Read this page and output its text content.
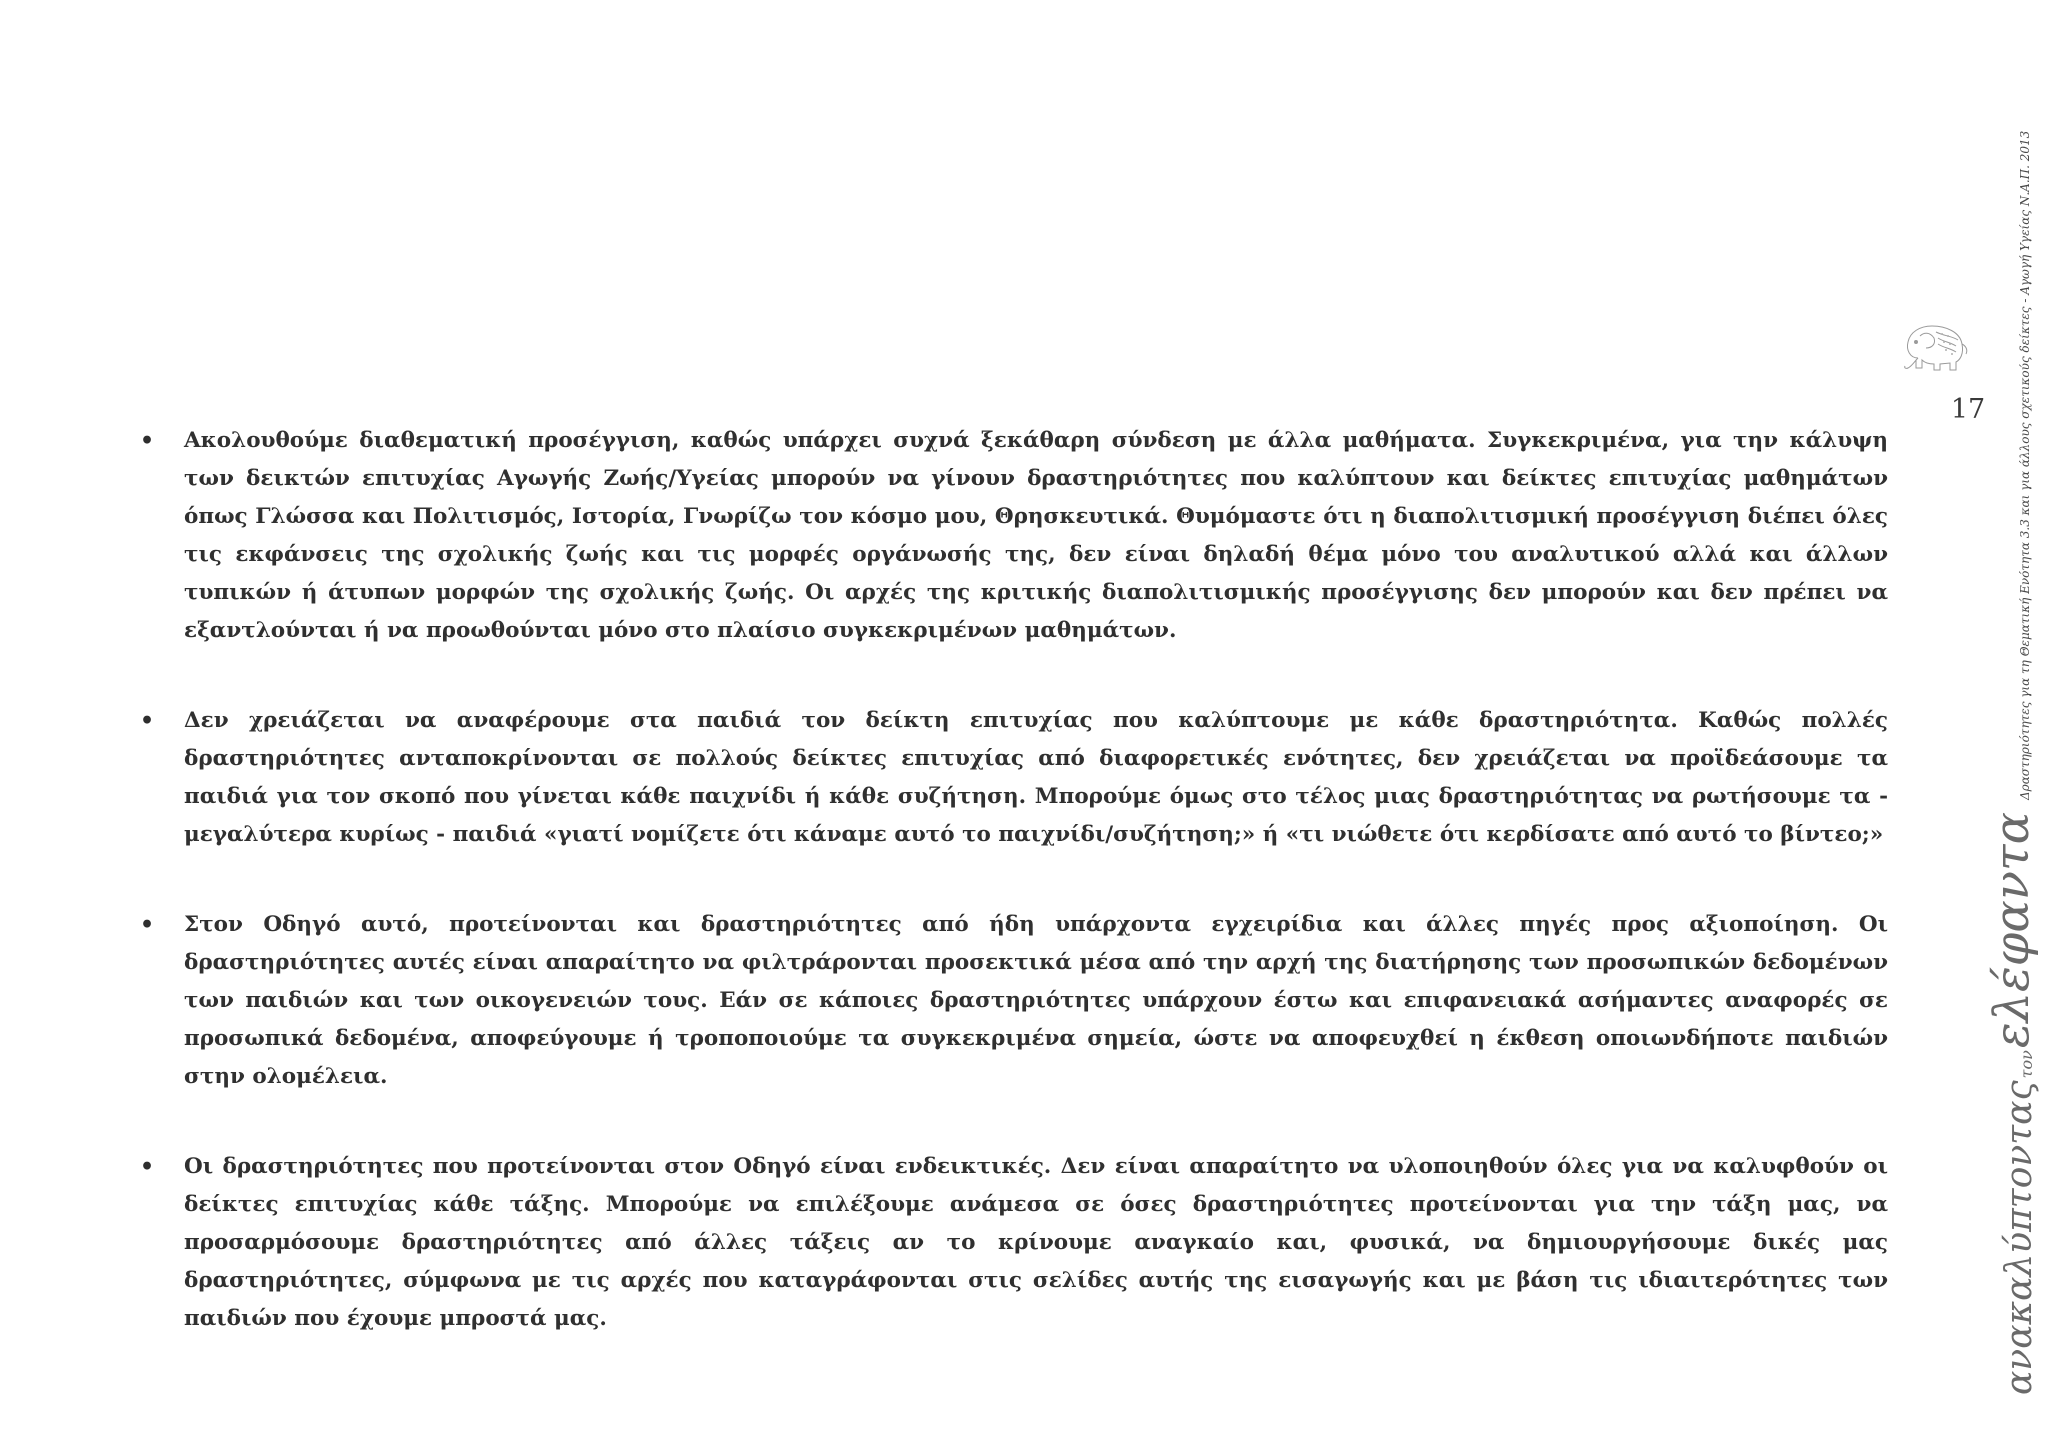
17
• Ακολουθούμε διαθεματική προσέγγιση, καθώς υπάρχει συχνά ξεκάθαρη σύνδεση με άλλα μαθήματα. Συγκεκριμένα, για την κάλυψη των δεικτών επιτυχίας Αγωγής Ζωής/Υγείας μπορούν να γίνουν δραστηριότητες που καλύπτουν και δείκτες επιτυχίας μαθημάτων όπως Γλώσσα και Πολιτισμός, Ιστορία, Γνωρίζω τον κόσμο μου, Θρησκευτικά. Θυμόμαστε ότι η διαπολιτισμική προσέγγιση διέπει όλες τις εκφάνσεις της σχολικής ζωής και τις μορφές οργάνωσής της, δεν είναι δηλαδή θέμα μόνο του αναλυτικού αλλά και άλλων τυπικών ή άτυπων μορφών της σχολικής ζωής. Οι αρχές της κριτικής διαπολιτισμικής προσέγγισης δεν μπορούν και δεν πρέπει να εξαντλούνται ή να προωθούνται μόνο στο πλαίσιο συγκεκριμένων μαθημάτων.
• Δεν χρειάζεται να αναφέρουμε στα παιδιά τον δείκτη επιτυχίας που καλύπτουμε με κάθε δραστηριότητα. Καθώς πολλές δραστηριότητες ανταποκρίνονται σε πολλούς δείκτες επιτυχίας από διαφορετικές ενότητες, δεν χρειάζεται να προϊδεάσουμε τα παιδιά για τον σκοπό που γίνεται κάθε παιχνίδι ή κάθε συζήτηση. Μπορούμε όμως στο τέλος μιας δραστηριότητας να ρωτήσουμε τα - μεγαλύτερα κυρίως - παιδιά «γιατί νομίζετε ότι κάναμε αυτό το παιχνίδι/συζήτηση;» ή «τι νιώθετε ότι κερδίσατε από αυτό το βίντεο;»
• Στον Οδηγό αυτό, προτείνονται και δραστηριότητες από ήδη υπάρχοντα εγχειρίδια και άλλες πηγές προς αξιοποίηση. Οι δραστηριότητες αυτές είναι απαραίτητο να φιλτράρονται προσεκτικά μέσα από την αρχή της διατήρησης των προσωπικών δεδομένων των παιδιών και των οικογενειών τους. Εάν σε κάποιες δραστηριότητες υπάρχουν έστω και επιφανειακά ασήμαντες αναφορές σε προσωπικά δεδομένα, αποφεύγουμε ή τροποποιούμε τα συγκεκριμένα σημεία, ώστε να αποφευχθεί η έκθεση οποιωνδήποτε παιδιών στην ολομέλεια.
• Οι δραστηριότητες που προτείνονται στον Οδηγό είναι ενδεικτικές. Δεν είναι απαραίτητο να υλοποιηθούν όλες για να καλυφθούν οι δείκτες επιτυχίας κάθε τάξης. Μπορούμε να επιλέξουμε ανάμεσα σε όσες δραστηριότητες προτείνονται για την τάξη μας, να προσαρμόσουμε δραστηριότητες από άλλες τάξεις αν το κρίνουμε αναγκαίο και, φυσικά, να δημιουργήσουμε δικές μας δραστηριότητες, σύμφωνα με τις αρχές που καταγράφονται στις σελίδες αυτής της εισαγωγής και με βάση τις ιδιαιτερότητες των παιδιών που έχουμε μπροστά μας.	ανακαλύπτοντας
τον
ελέφαντα
Δραστηριότητες για τη Θεματική Ενότητα 3.3 και για άλλους σχετικούς δείκτες - Αγωγή Υγείας Ν.Α.Π. 2013
